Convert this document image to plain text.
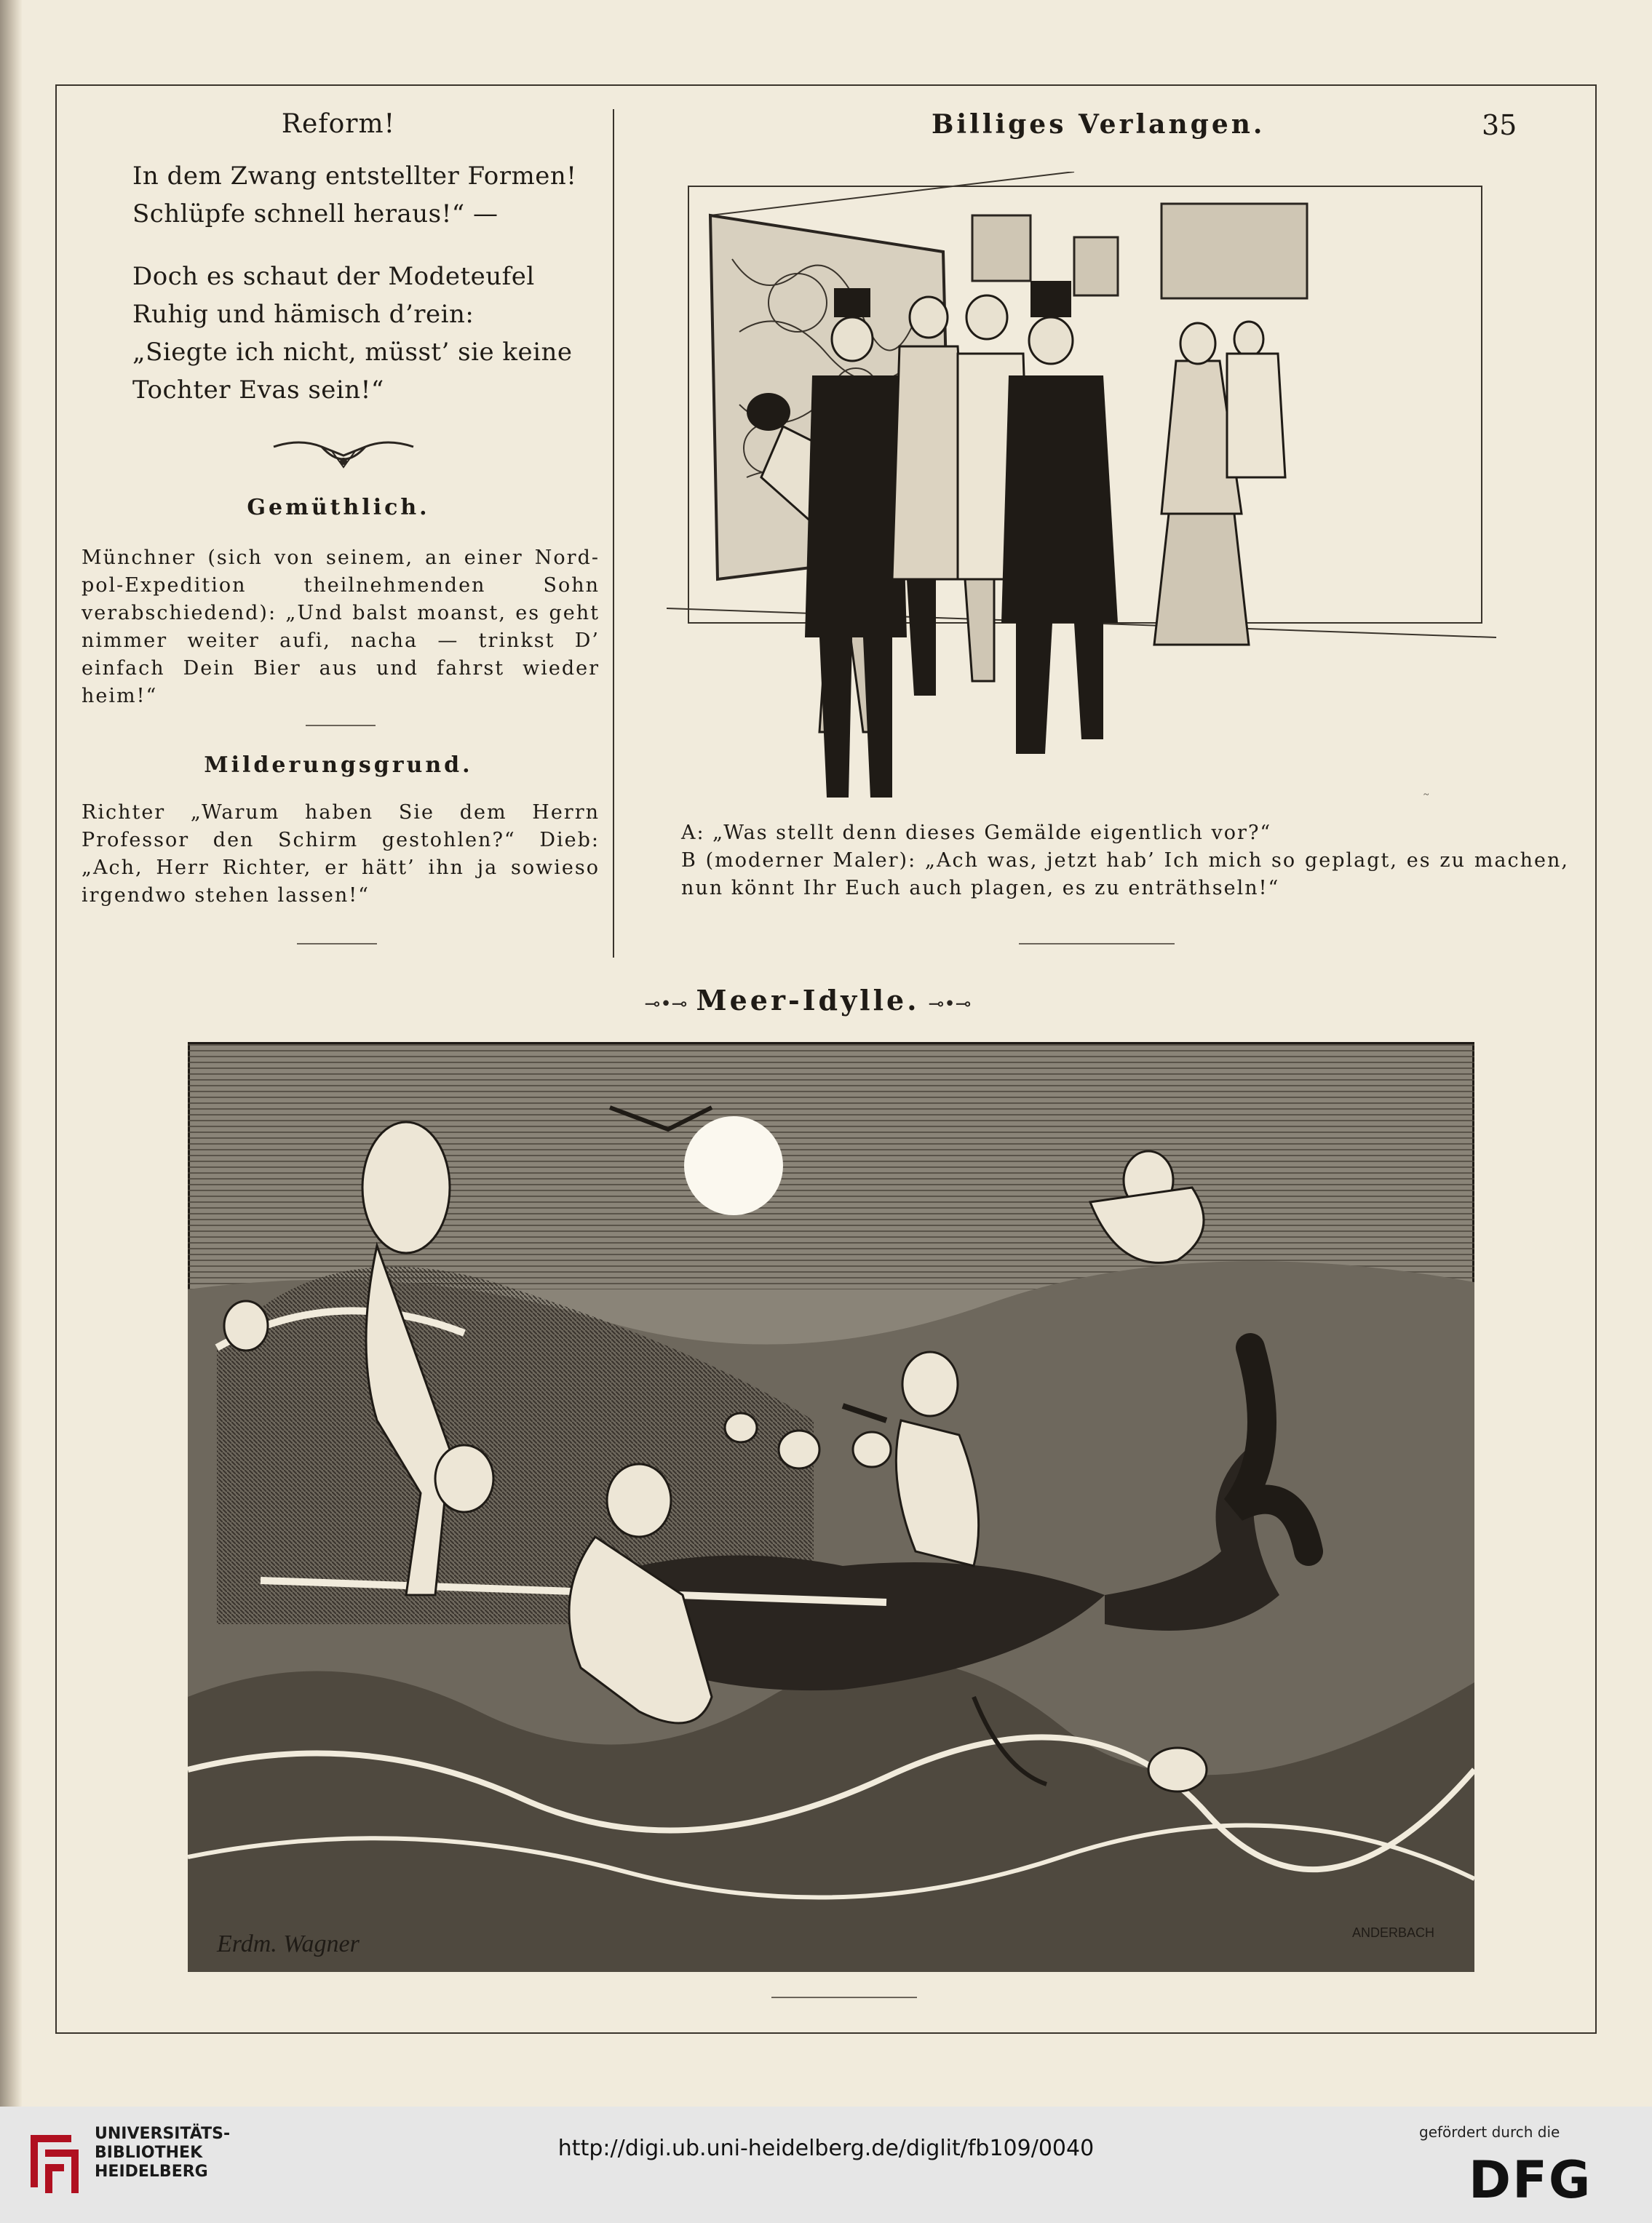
Reform!
In dem Zwang entstellter Formen!
Schlüpfe schnell heraus!“ —
Doch es schaut der Modeteufel
Ruhig und hämisch d’rein:
„Siegte ich nicht, müsst’ sie keine
Tochter Evas sein!“
Gemüthlich.
Münchner (sich von seinem, an einer Nord-pol-Expedition theilnehmenden Sohn verabschiedend): „Und balst moanst, es geht nimmer weiter aufi, nacha — trinkst D’ einfach Dein Bier aus und fahrst wieder heim!“
Milderungsgrund.
Richter „Warum haben Sie dem Herrn Professor den Schirm gestohlen?“ Dieb: „Ach, Herr Richter, er hätt’ ihn ja sowieso irgendwo stehen lassen!“
Billiges Verlangen.	35
~
A: „Was stellt denn dieses Gemälde eigentlich vor?“
B (moderner Maler): „Ach was, jetzt hab’ Ich mich so geplagt, es zu machen, nun könnt Ihr Euch auch plagen, es zu enträthseln!“
⊸•⊸ Meer-Idylle. ⊸•⊸
Erdm. Wagner	ANDERBACH
UNIVERSITÄTS-
BIBLIOTHEK
HEIDELBERG
http://digi.ub.uni-heidelberg.de/diglit/fb109/0040
gefördert durch die
DFG
